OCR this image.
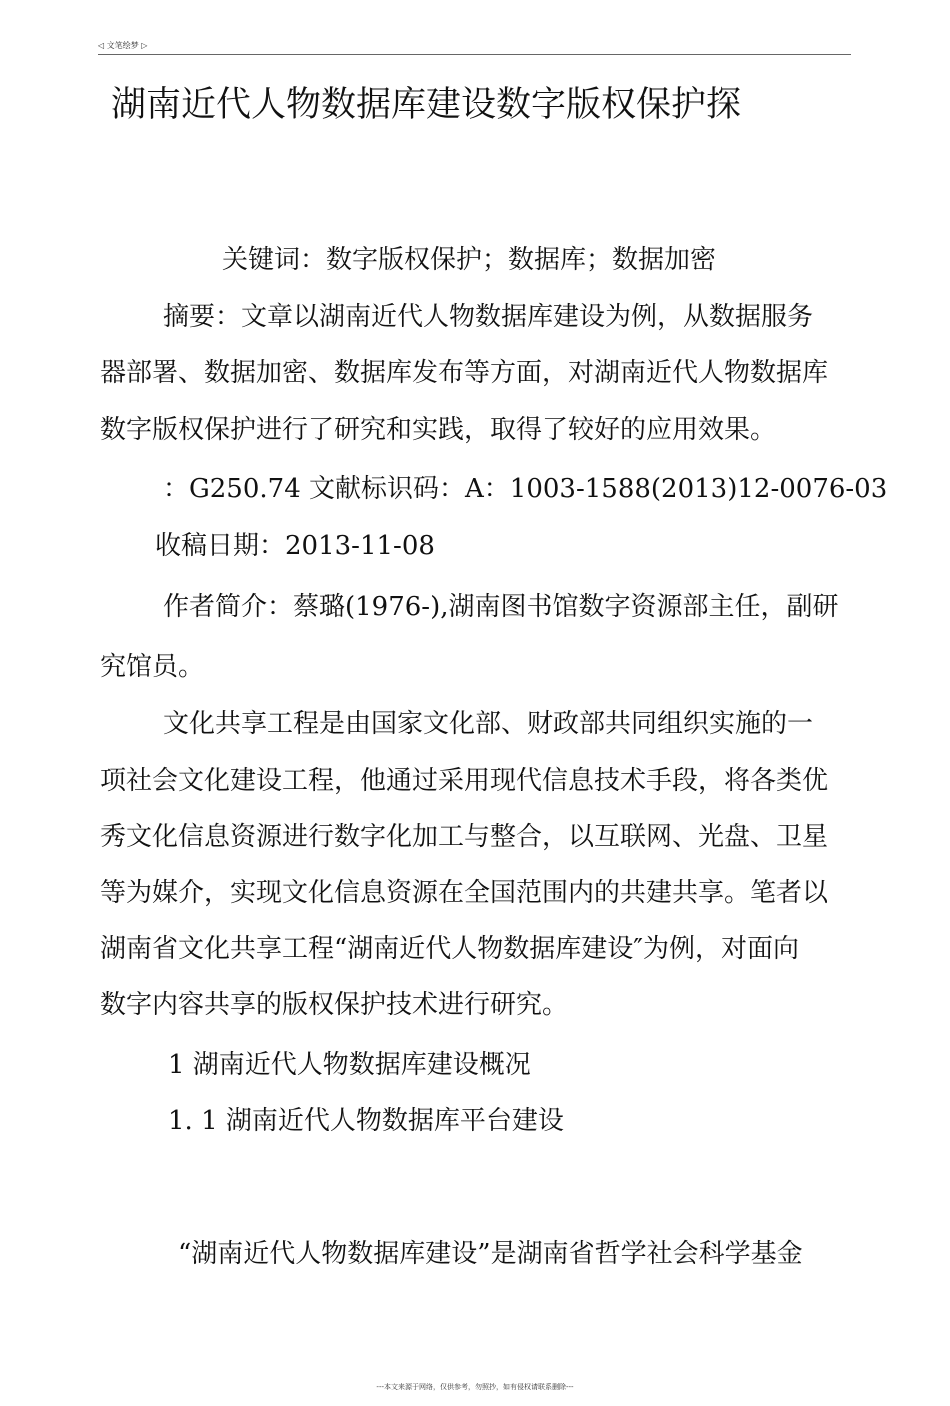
◁ 文笔绘梦 ▷
湖南近代人物数据库建设数字版权保护探
关键词：数字版权保护；数据库；数据加密
摘要：文章以湖南近代人物数据库建设为例，从数据服务
器部署、数据加密、数据库发布等方面，对湖南近代人物数据库
数字版权保护进行了研究和实践，取得了较好的应用效果。
：G250.74 文献标识码：A：1003-1588(2013)12-0076-03
收稿日期：2013-11-08
作者简介：蔡璐(1976-),湖南图书馆数字资源部主任，副研
究馆员。
文化共享工程是由国家文化部、财政部共同组织实施的一
项社会文化建设工程，他通过采用现代信息技术手段，将各类优
秀文化信息资源进行数字化加工与整合，以互联网、光盘、卫星
等为媒介，实现文化信息资源在全国范围内的共建共享。笔者以
湖南省文化共享工程“湖南近代人物数据库建设″为例，对面向
数字内容共享的版权保护技术进行研究。
1 湖南近代人物数据库建设概况
1. 1 湖南近代人物数据库平台建设
“湖南近代人物数据库建设”是湖南省哲学社会科学基金
---本文来源于网络，仅供参考，勿照抄，如有侵权请联系删除---
